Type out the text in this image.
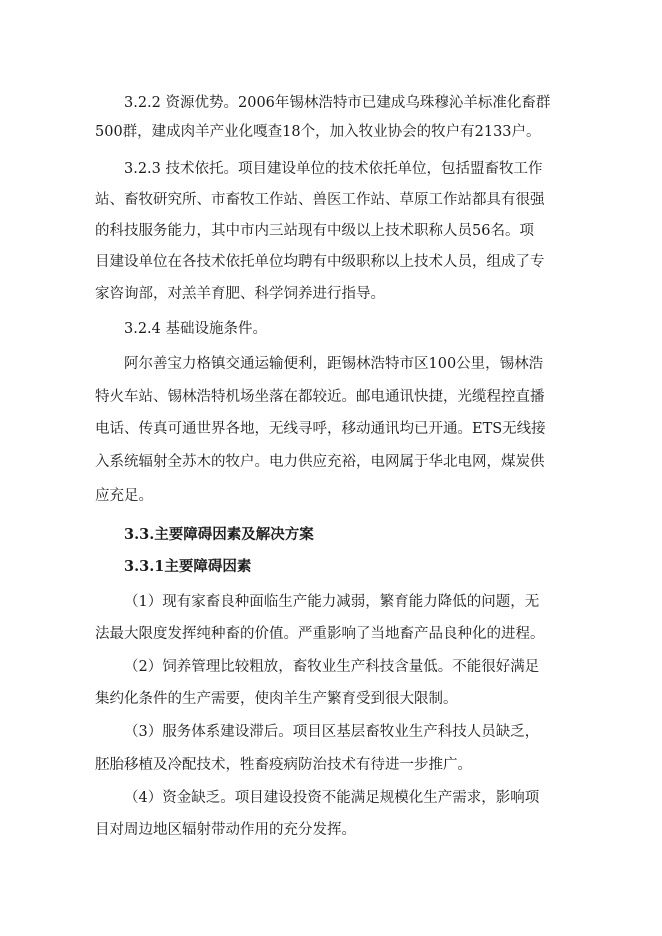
3.2.2 资源优势。2006年锡林浩特市已建成乌珠穆沁羊标准化畜群
500群，建成肉羊产业化嘎查18个，加入牧业协会的牧户有2133户。
3.2.3 技术依托。项目建设单位的技术依托单位，包括盟畜牧工作
站、畜牧研究所、市畜牧工作站、兽医工作站、草原工作站都具有很强
的科技服务能力，其中市内三站现有中级以上技术职称人员56名。项
目建设单位在各技术依托单位均聘有中级职称以上技术人员，组成了专
家咨询部，对羔羊育肥、科学饲养进行指导。
3.2.4 基础设施条件。
阿尔善宝力格镇交通运输便利，距锡林浩特市区100公里，锡林浩
特火车站、锡林浩特机场坐落在都较近。邮电通讯快捷，光缆程控直播
电话、传真可通世界各地，无线寻呼，移动通讯均已开通。ETS无线接
入系统辐射全苏木的牧户。电力供应充裕，电网属于华北电网，煤炭供
应充足。
3.3.主要障碍因素及解决方案
3.3.1主要障碍因素
（1）现有家畜良种面临生产能力减弱，繁育能力降低的问题，无
法最大限度发挥纯种畜的价值。严重影响了当地畜产品良种化的进程。
（2）饲养管理比较粗放，畜牧业生产科技含量低。不能很好满足
集约化条件的生产需要，使肉羊生产繁育受到很大限制。
（3）服务体系建设滞后。项目区基层畜牧业生产科技人员缺乏，
胚胎移植及冷配技术，牲畜疫病防治技术有待进一步推广。
（4）资金缺乏。项目建设投资不能满足规模化生产需求，影响项
目对周边地区辐射带动作用的充分发挥。
